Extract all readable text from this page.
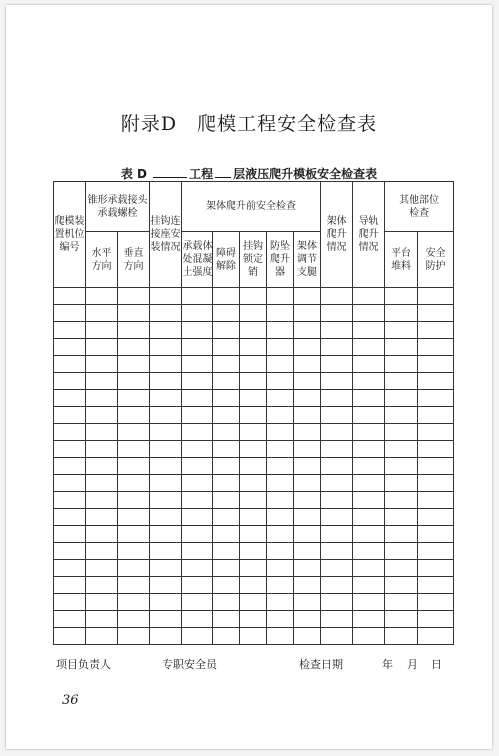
附录D　爬模工程安全检查表
表 D	工程 层液压爬升模板安全检查表
爬模装置机位编号	锥形承载接头承载螺栓		挂钩连接座安装情况	架体爬升前安全检查					架体爬升情况	导轨爬升情况	其他部位检查	
	水平方向	垂直方向		承载体处混凝土强度	障碍解除	挂钩锁定销	防坠爬升器	架体调节支腿			平台堆料	安全防护

项目负责人	专职安全员	检查日期	年 月 日
36
